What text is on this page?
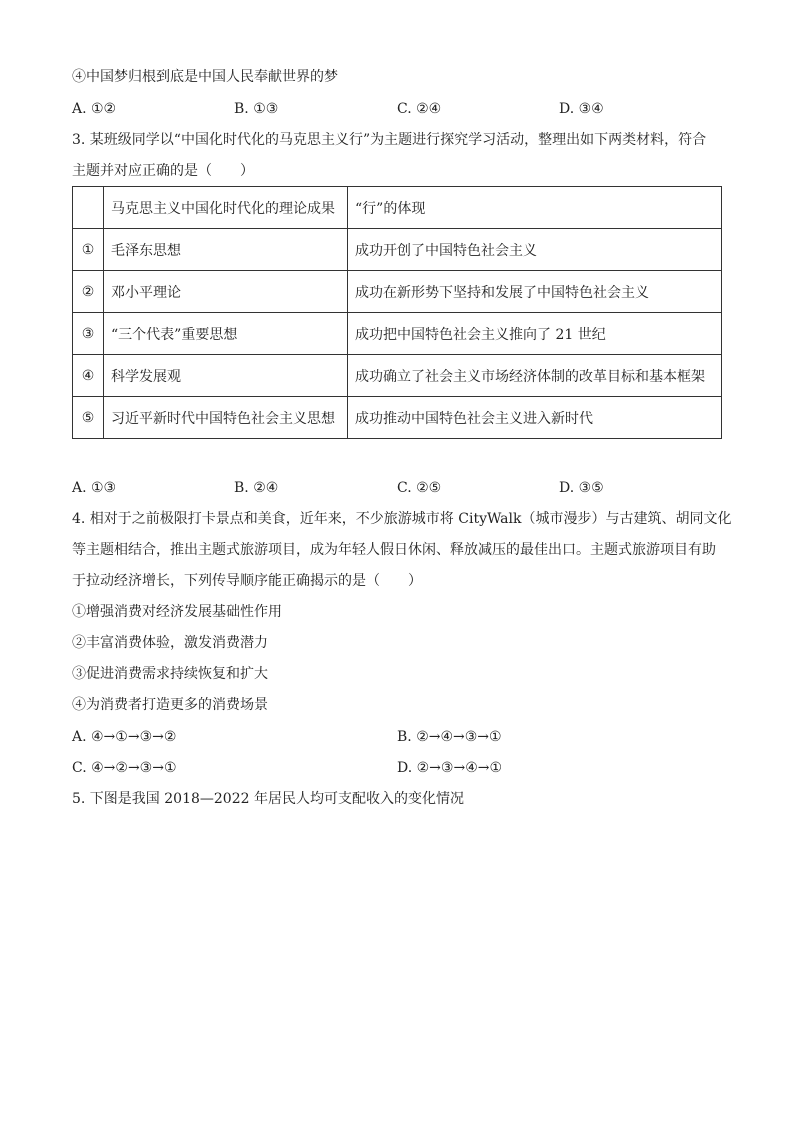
④中国梦归根到底是中国人民奉献世界的梦
A. ①②	B. ①③	C. ②④	D. ③④
3. 某班级同学以“中国化时代化的马克思主义行”为主题进行探究学习活动，整理出如下两类材料，符合
主题并对应正确的是（　　）
	马克思主义中国化时代化的理论成果	“行”的体现
①	毛泽东思想	成功开创了中国特色社会主义
②	邓小平理论	成功在新形势下坚持和发展了中国特色社会主义
③	“三个代表”重要思想	成功把中国特色社会主义推向了 21 世纪
④	科学发展观	成功确立了社会主义市场经济体制的改革目标和基本框架
⑤	习近平新时代中国特色社会主义思想	成功推动中国特色社会主义进入新时代
A. ①③	B. ②④	C. ②⑤	D. ③⑤
4. 相对于之前极限打卡景点和美食，近年来，不少旅游城市将 CityWalk（城市漫步）与古建筑、胡同文化
等主题相结合，推出主题式旅游项目，成为年轻人假日休闲、释放减压的最佳出口。主题式旅游项目有助
于拉动经济增长，下列传导顺序能正确揭示的是（　　）
①增强消费对经济发展基础性作用
②丰富消费体验，激发消费潜力
③促进消费需求持续恢复和扩大
④为消费者打造更多的消费场景
A. ④→①→③→②	B. ②→④→③→①
C. ④→②→③→①	D. ②→③→④→①
5. 下图是我国 2018—2022 年居民人均可支配收入的变化情况
